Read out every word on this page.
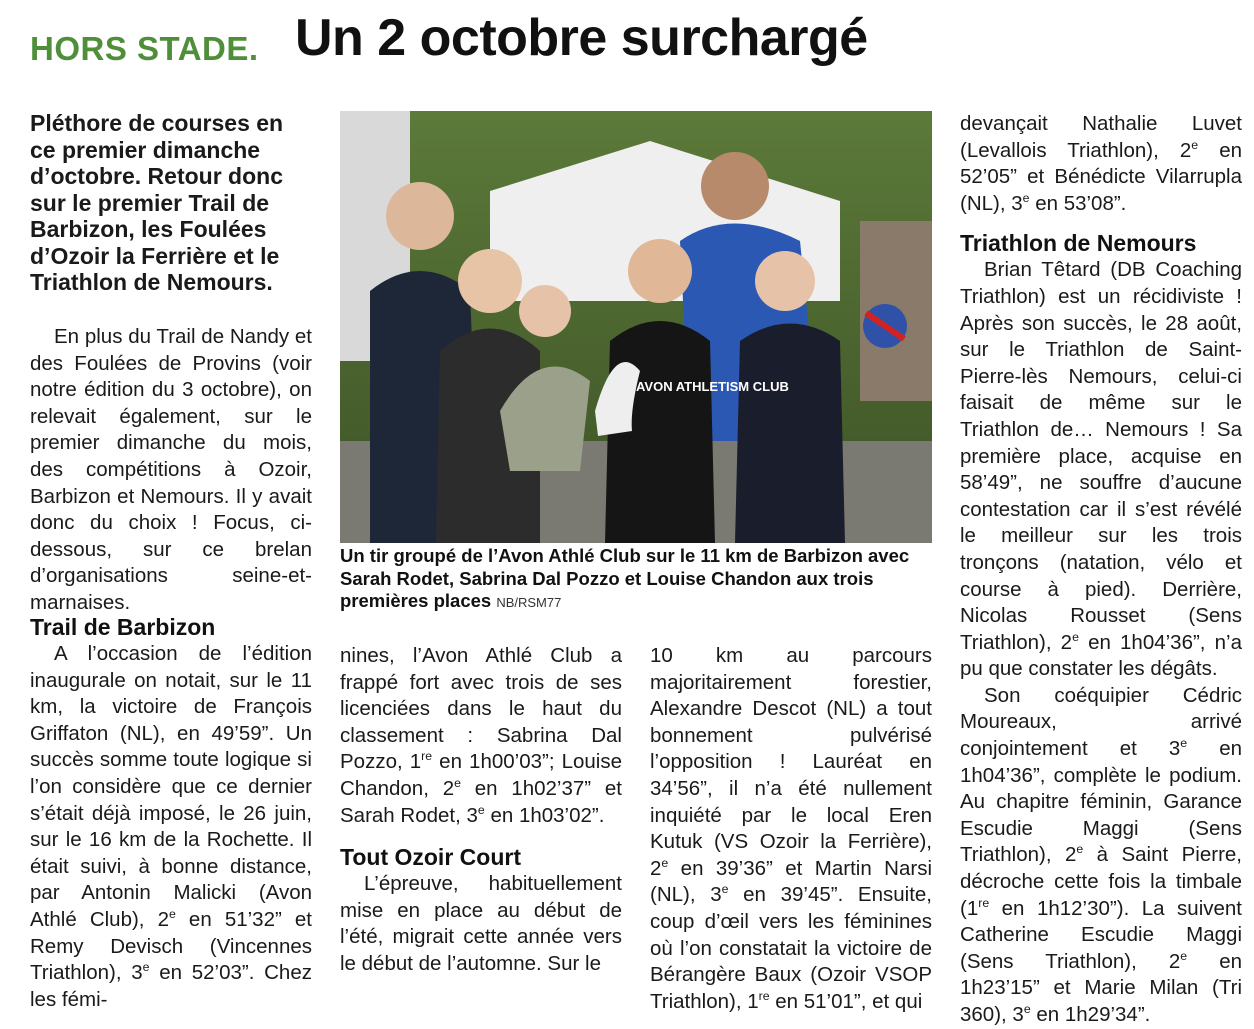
HORS STADE. Un 2 octobre surchargé
Pléthore de courses en ce premier dimanche d’octobre. Retour donc sur le premier Trail de Barbizon, les Foulées d’Ozoir la Ferrière et le Triathlon de Nemours.

En plus du Trail de Nandy et des Foulées de Provins (voir notre édition du 3 octobre), on relevait également, sur le premier dimanche du mois, des compétitions à Ozoir, Barbizon et Nemours. Il y avait donc du choix ! Focus, ci-dessous, sur ce brelan d’organisations seine-et-marnaises.

Trail de Barbizon

A l’occasion de l’édition inaugurale on notait, sur le 11 km, la victoire de François Griffaton (NL), en 49’59”. Un succès somme toute logique si l’on considère que ce dernier s’était déjà imposé, le 26 juin, sur le 16 km de la Rochette. Il était suivi, à bonne distance, par Antonin Malicki (Avon Athlé Club), 2e en 51’32” et Remy Devisch (Vincennes Triathlon), 3e en 52’03”. Chez les fémi-

AVON ATHLETISM CLUB
Un tir groupé de l’Avon Athlé Club sur le 11 km de Barbizon avec Sarah Rodet, Sabrina Dal Pozzo et Louise Chandon aux trois premières places NB/RSM77

nines, l’Avon Athlé Club a frappé fort avec trois de ses licenciées dans le haut du classement : Sabrina Dal Pozzo, 1re en 1h00’03”; Louise Chandon, 2e en 1h02’37” et Sarah Rodet, 3e en 1h03’02”.

Tout Ozoir Court

L’épreuve, habituellement mise en place au début de l’été, migrait cette année vers le début de l’automne. Sur le

10 km au parcours majoritairement forestier, Alexandre Descot (NL) a tout bonnement pulvérisé l’opposition ! Lauréat en 34’56”, il n’a été nullement inquiété par le local Eren Kutuk (VS Ozoir la Ferrière), 2e en 39’36” et Martin Narsi (NL), 3e en 39’45”. Ensuite, coup d’œil vers les féminines où l’on constatait la victoire de Bérangère Baux (Ozoir VSOP Triathlon), 1re en 51’01”, et qui

devançait Nathalie Luvet (Levallois Triathlon), 2e en 52’05” et Bénédicte Vilarrupla (NL), 3e en 53’08”.

Triathlon de Nemours

Brian Têtard (DB Coaching Triathlon) est un récidiviste ! Après son succès, le 28 août, sur le Triathlon de Saint-Pierre-lès Nemours, celui-ci faisait de même sur le Triathlon de… Nemours ! Sa première place, acquise en 58’49”, ne souffre d’aucune contestation car il s’est révélé le meilleur sur les trois tronçons (natation, vélo et course à pied). Derrière, Nicolas Rousset (Sens Triathlon), 2e en 1h04’36”, n’a pu que constater les dégâts.

Son coéquipier Cédric Moureaux, arrivé conjointement et 3e en 1h04’36”, complète le podium. Au chapitre féminin, Garance Escudie Maggi (Sens Triathlon), 2e à Saint Pierre, décroche cette fois la timbale (1re en 1h12’30”). La suivent Catherine Escudie Maggi (Sens Triathlon), 2e en 1h23’15” et Marie Milan (Tri 360), 3e en 1h29’34”.
